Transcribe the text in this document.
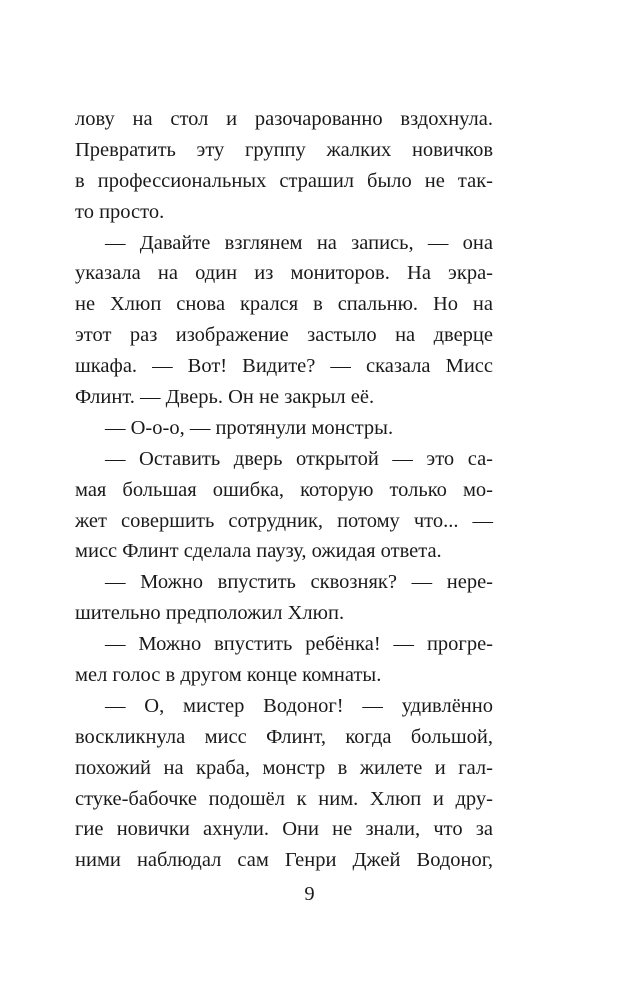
лову на стол и разочарованно вздохнула.
Превратить эту группу жалких новичков
в профессиональных страшил было не так-
то просто.
— Давайте взглянем на запись, — она
указала на один из мониторов. На экра-
не Хлюп снова крался в спальню. Но на
этот раз изображение застыло на дверце
шкафа. — Вот! Видите? — сказала Мисс
Флинт. — Дверь. Он не закрыл её.
— О-о-о, — протянули монстры.
— Оставить дверь открытой — это са-
мая большая ошибка, которую только мо-
жет совершить сотрудник, потому что... —
мисс Флинт сделала паузу, ожидая ответа.
— Можно впустить сквозняк? — нере-
шительно предположил Хлюп.
— Можно впустить ребёнка! — прогре-
мел голос в другом конце комнаты.
— О, мистер Водоног! — удивлённо
воскликнула мисс Флинт, когда большой,
похожий на краба, монстр в жилете и гал-
стуке-бабочке подошёл к ним. Хлюп и дру-
гие новички ахнули. Они не знали, что за
ними наблюдал сам Генри Джей Водоног,
9
